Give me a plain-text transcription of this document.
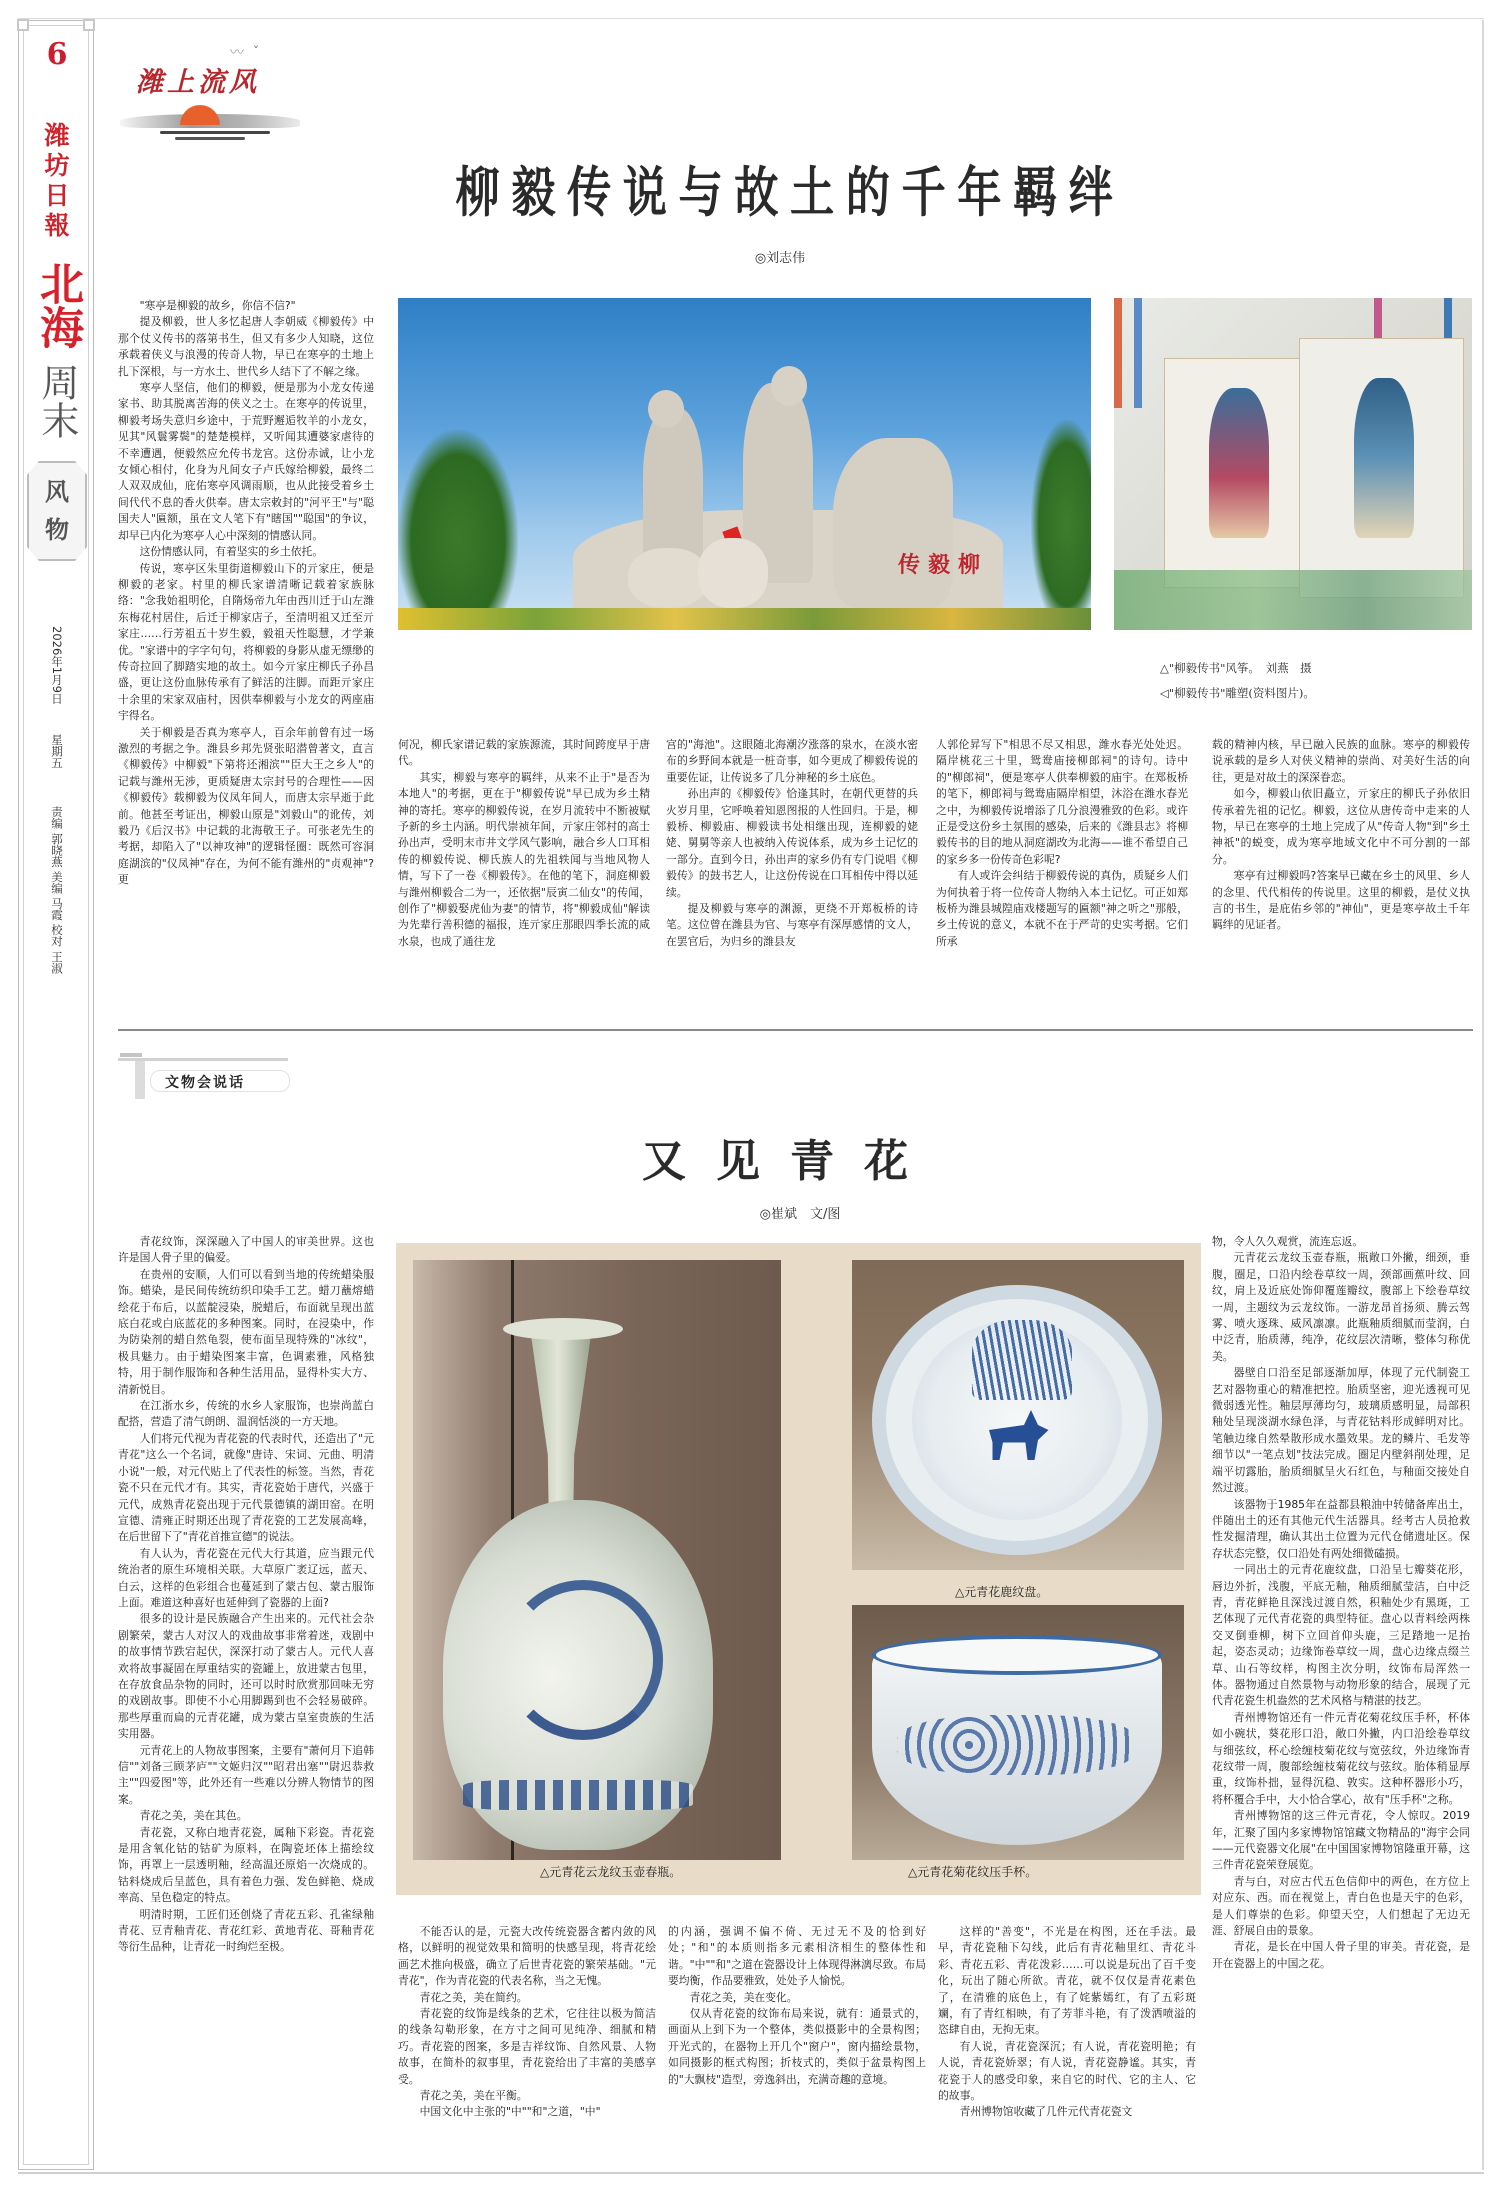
6
潍
坊
日
報
北海
周末
风
物
2026年1月9日  星期五  责编 郭晓燕 美编 马霞 校对 王淑
〰 ˇ
潍上流风
柳毅传说与故土的千年羁绊
◎刘志伟
传毅柳
△"柳毅传书"风筝。　刘燕　摄
◁"柳毅传书"雕塑(资料图片)。

"寒亭是柳毅的故乡，你信不信?"

提及柳毅，世人多忆起唐人李朝威《柳毅传》中那个仗义传书的落第书生，但又有多少人知晓，这位承载着侠义与浪漫的传奇人物，早已在寒亭的土地上扎下深根，与一方水土、世代乡人结下了不解之缘。

寒亭人坚信，他们的柳毅，便是那为小龙女传递家书、助其脱离苦海的侠义之士。在寒亭的传说里，柳毅考场失意归乡途中，于荒野邂逅牧羊的小龙女，见其"风鬟雾鬓"的楚楚模样，又听闻其遭婆家虐待的不幸遭遇，便毅然应允传书龙宫。这份赤诚，让小龙女倾心相付，化身为凡间女子卢氏嫁给柳毅，最终二人双双成仙，庇佑寒亭风调雨顺，也从此接受着乡土间代代不息的香火供奉。唐太宗敕封的"河平王"与"聪国夫人"匾额，虽在文人笔下有"瞎国""聪国"的争议，却早已内化为寒亭人心中深刻的情感认同。

这份情感认同，有着坚实的乡土依托。

传说，寒亭区朱里街道柳毅山下的亓家庄，便是柳毅的老家。村里的柳氏家谱清晰记载着家族脉络："念我始祖明伦，自隋炀帝九年由西川迁于山左潍东梅花村居住，后迁于柳家店子，至清明祖又迁至亓家庄……行芳祖五十岁生毅，毅祖天性聪慧，才学兼优。"家谱中的字字句句，将柳毅的身影从虚无缥缈的传奇拉回了脚踏实地的故土。如今亓家庄柳氏子孙昌盛，更让这份血脉传承有了鲜活的注脚。而距亓家庄十余里的宋家双庙村，因供奉柳毅与小龙女的两座庙宇得名。

关于柳毅是否真为寒亭人，百余年前曾有过一场激烈的考据之争。潍县乡邦先贤张昭潜曾著文，直言《柳毅传》中柳毅"下第将还湘滨""臣大王之乡人"的记载与潍州无涉，更质疑唐太宗封号的合理性——因《柳毅传》载柳毅为仪凤年间人，而唐太宗早逝于此前。他甚至考证出，柳毅山原是"刘毅山"的讹传，刘毅乃《后汉书》中记载的北海敬王子。可张老先生的考据，却陷入了"以神攻神"的逻辑怪圈：既然可容洞庭湖滨的"仪凤神"存在，为何不能有潍州的"贞观神"?更

何况，柳氏家谱记载的家族源流，其时间跨度早于唐代。

其实，柳毅与寒亭的羁绊，从来不止于"是否为本地人"的考据，更在于"柳毅传说"早已成为乡土精神的寄托。寒亭的柳毅传说，在岁月流转中不断被赋予新的乡土内涵。明代崇祯年间，亓家庄邻村的高士孙出声，受明末市井文学风气影响，融合乡人口耳相传的柳毅传说、柳氏族人的先祖轶闻与当地风物人情，写下了一卷《柳毅传》。在他的笔下，洞庭柳毅与潍州柳毅合二为一，还依据"辰寅二仙女"的传闻，创作了"柳毅娶虎仙为妻"的情节，将"柳毅成仙"解读为先辈行善积德的福报，连亓家庄那眼四季长流的咸水泉，也成了通往龙

宫的"海池"。这眼随北海潮汐涨落的泉水，在淡水密布的乡野间本就是一桩奇事，如今更成了柳毅传说的重要佐证，让传说多了几分神秘的乡土底色。

孙出声的《柳毅传》恰逢其时，在朝代更替的兵火岁月里，它呼唤着知恩图报的人性回归。于是，柳毅桥、柳毅庙、柳毅读书处相继出现，连柳毅的姥姥、舅舅等亲人也被纳入传说体系，成为乡土记忆的一部分。直到今日，孙出声的家乡仍有专门说唱《柳毅传》的鼓书艺人，让这份传说在口耳相传中得以延续。

提及柳毅与寒亭的渊源，更绕不开郑板桥的诗笔。这位曾在潍县为官、与寒亭有深厚感情的文人，在罢官后，为归乡的潍县友

人郭伦昇写下"相思不尽又相思，潍水春光处处迟。隔岸桃花三十里，鸳鸯庙接柳郎祠"的诗句。诗中的"柳郎祠"，便是寒亭人供奉柳毅的庙宇。在郑板桥的笔下，柳郎祠与鸳鸯庙隔岸相望，沐浴在潍水春光之中，为柳毅传说增添了几分浪漫雅致的色彩。或许正是受这份乡土氛围的感染，后来的《潍县志》将柳毅传书的目的地从洞庭湖改为北海——谁不希望自己的家乡多一份传奇色彩呢?

有人或许会纠结于柳毅传说的真伪，质疑乡人们为何执着于将一位传奇人物纳入本土记忆。可正如郑板桥为潍县城隍庙戏楼题写的匾额"神之听之"那般，乡土传说的意义，本就不在于严苛的史实考据。它们所承

载的精神内核，早已融入民族的血脉。寒亭的柳毅传说承载的是乡人对侠义精神的崇尚、对美好生活的向往，更是对故土的深深眷恋。

如今，柳毅山依旧矗立，亓家庄的柳氏子孙依旧传承着先祖的记忆。柳毅，这位从唐传奇中走来的人物，早已在寒亭的土地上完成了从"传奇人物"到"乡土神祇"的蜕变，成为寒亭地域文化中不可分割的一部分。

寒亭有过柳毅吗?答案早已藏在乡土的风里、乡人的念里、代代相传的传说里。这里的柳毅，是仗义执言的书生，是庇佑乡邻的"神仙"，更是寒亭故土千年羁绊的见证者。

文物会说话
又见青花
◎崔斌　文/图
△元青花鹿纹盘。
△元青花云龙纹玉壶春瓶。	△元青花菊花纹压手杯。

青花纹饰，深深融入了中国人的审美世界。这也许是国人骨子里的偏爱。

在贵州的安顺，人们可以看到当地的传统蜡染服饰。蜡染，是民间传统纺织印染手工艺。蜡刀蘸熔蜡绘花于布后，以蓝靛浸染，脱蜡后，布面就呈现出蓝底白花或白底蓝花的多种图案。同时，在浸染中，作为防染剂的蜡自然龟裂，使布面呈现特殊的"冰纹"，极具魅力。由于蜡染图案丰富，色调素雅，风格独特，用于制作服饰和各种生活用品，显得朴实大方、清新悦目。

在江浙水乡，传统的水乡人家服饰，也崇尚蓝白配搭，营造了清气朗朗、温润恬淡的一方天地。

人们将元代视为青花瓷的代表时代，还造出了"元青花"这么一个名词，就像"唐诗、宋词、元曲、明清小说"一般，对元代贴上了代表性的标签。当然，青花瓷不只在元代才有。其实，青花瓷始于唐代，兴盛于元代，成熟青花瓷出现于元代景德镇的湖田窑。在明宣德、清雍正时期还出现了青花瓷的工艺发展高峰，在后世留下了"青花首推宣德"的说法。

有人认为，青花瓷在元代大行其道，应当跟元代统治者的原生环境相关联。大草原广袤辽远，蓝天、白云，这样的色彩组合也蔓延到了蒙古包、蒙古服饰上面。难道这种喜好也延伸到了瓷器的上面?

很多的设计是民族融合产生出来的。元代社会杂剧繁荣，蒙古人对汉人的戏曲故事非常着迷，戏剧中的故事情节跌宕起伏，深深打动了蒙古人。元代人喜欢将故事凝固在厚重结实的瓷罐上，放进蒙古包里，在存放食品杂物的同时，还可以时时欣赏那回味无穷的戏剧故事。即使不小心用脚踢到也不会轻易破碎。那些厚重而扁的元青花罐，成为蒙古皇室贵族的生活实用器。

元青花上的人物故事图案，主要有"萧何月下追韩信""刘备三顾茅庐""文姬归汉""昭君出塞""尉迟恭救主""四爱图"等，此外还有一些难以分辨人物情节的图案。

青花之美，美在其色。

青花瓷，又称白地青花瓷，属釉下彩瓷。青花瓷是用含氧化钴的钴矿为原料，在陶瓷坯体上描绘纹饰，再罩上一层透明釉，经高温还原焰一次烧成的。钴料烧成后呈蓝色，具有着色力强、发色鲜艳、烧成率高、呈色稳定的特点。

明清时期，工匠们还创烧了青花五彩、孔雀绿釉青花、豆青釉青花、青花红彩、黄地青花、哥釉青花等衍生品种，让青花一时绚烂至极。

不能否认的是，元瓷大改传统瓷器含蓄内敛的风格，以鲜明的视觉效果和简明的快感呈现，将青花绘画艺术推向极盛，确立了后世青花瓷的繁荣基础。"元青花"，作为青花瓷的代表名称，当之无愧。

青花之美，美在简约。

青花瓷的纹饰是线条的艺术，它往往以极为简洁的线条勾勒形象，在方寸之间可见纯净、细腻和精巧。青花瓷的图案，多是吉祥纹饰、自然风景、人物故事，在简朴的叙事里，青花瓷给出了丰富的美感享受。

青花之美，美在平衡。

中国文化中主张的"中""和"之道，"中"

的内涵，强调不偏不倚、无过无不及的恰到好处；"和"的本质则指多元素相济相生的整体性和谐。"中""和"之道在瓷器设计上体现得淋漓尽致。布局要均衡，作品要雅致，处处予人愉悦。

青花之美，美在变化。

仅从青花瓷的纹饰布局来说，就有：通景式的，画面从上到下为一个整体，类似摄影中的全景构图；开光式的，在器物上开几个"窗户"，窗内描绘景物，如同摄影的框式构图；折枝式的，类似于盆景构图上的"大飘枝"造型，旁逸斜出，充满奇趣的意境。

这样的"善变"，不光是在构图，还在手法。最早，青花瓷釉下勾线，此后有青花釉里红、青花斗彩、青花五彩、青花泼彩……可以说是玩出了百千变化，玩出了随心所欲。青花，就不仅仅是青花素色了，在清雅的底色上，有了姹紫嫣红，有了五彩斑斓，有了青红相映，有了芳菲斗艳，有了泼洒喷溢的恣肆自由，无拘无束。

有人说，青花瓷深沉；有人说，青花瓷明艳；有人说，青花瓷娇翠；有人说，青花瓷静谧。其实，青花瓷于人的感受印象，来自它的时代、它的主人、它的故事。

青州博物馆收藏了几件元代青花瓷文

物，令人久久观赏，流连忘返。

元青花云龙纹玉壶春瓶，瓶敞口外撇，细颈，垂腹，圈足，口沿内绘卷草纹一周，颈部画蕉叶纹、回纹，肩上及近底处饰仰覆莲瓣纹，腹部上下绘卷草纹一周，主题纹为云龙纹饰。一游龙昂首扬须、腾云驾雾、喷火逐珠、威风凛凛。此瓶釉质细腻而莹润，白中泛青，胎质薄，纯净，花纹层次清晰，整体匀称优美。

器壁自口沿至足部逐渐加厚，体现了元代制瓷工艺对器物重心的精准把控。胎质坚密，迎光透视可见微弱透光性。釉层厚薄均匀，玻璃质感明显，局部积釉处呈现淡湖水绿色泽，与青花钴料形成鲜明对比。笔触边缘自然晕散形成水墨效果。龙的鳞片、毛发等细节以"一笔点划"技法完成。圈足内壁斜削处理，足端平切露胎，胎质细腻呈火石红色，与釉面交接处自然过渡。

该器物于1985年在益都县粮油中转储备库出土，伴随出土的还有其他元代生活器具。经考古人员抢救性发掘清理，确认其出土位置为元代仓储遗址区。保存状态完整，仅口沿处有两处细微磕损。

一同出土的元青花鹿纹盘，口沿呈七瓣葵花形，唇边外折，浅腹，平底无釉，釉质细腻莹洁，白中泛青，青花鲜艳且深浅过渡自然，积釉处少有黑斑，工艺体现了元代青花瓷的典型特征。盘心以青料绘两株交叉倒垂柳，树下立回首仰头鹿，三足踏地一足抬起，姿态灵动；边缘饰卷草纹一周，盘心边缘点缀兰草、山石等纹样，构图主次分明，纹饰布局浑然一体。器物通过自然景物与动物形象的结合，展现了元代青花瓷生机盎然的艺术风格与精湛的技艺。

青州博物馆还有一件元青花菊花纹压手杯，杯体如小碗状，葵花形口沿，敞口外撇，内口沿绘卷草纹与细弦纹，杯心绘缠枝菊花纹与宽弦纹，外边缘饰青花纹带一周，腹部绘缠枝菊花纹与弦纹。胎体稍显厚重，纹饰朴拙，显得沉稳、敦实。这种杯器形小巧，将杯覆合手中，大小恰合掌心，故有"压手杯"之称。

青州博物馆的这三件元青花，令人惊叹。2019年，汇聚了国内多家博物馆馆藏文物精品的"海宇会同——元代瓷器文化展"在中国国家博物馆隆重开幕，这三件青花瓷荣登展览。

青与白，对应古代五色信仰中的两色，在方位上对应东、西。而在视觉上，青白色也是天宇的色彩，是人们尊崇的色彩。仰望天空，人们想起了无边无涯、舒展自由的景象。

青花，是长在中国人骨子里的审美。青花瓷，是开在瓷器上的中国之花。
